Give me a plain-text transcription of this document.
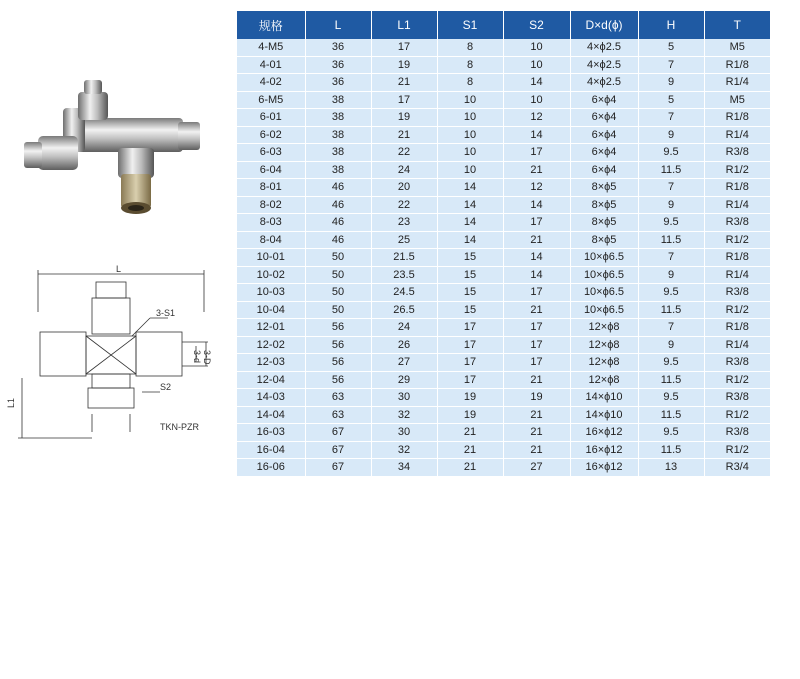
L
3-S1
3-d 3-D
L1
S2
TKN-PZR
规格	L	L1	S1	S2	D×d(ϕ)	H	T
4-M5	36	17	8	10	4×ϕ2.5	5	M5
4-01	36	19	8	10	4×ϕ2.5	7	R1/8
4-02	36	21	8	14	4×ϕ2.5	9	R1/4
6-M5	38	17	10	10	6×ϕ4	5	M5
6-01	38	19	10	12	6×ϕ4	7	R1/8
6-02	38	21	10	14	6×ϕ4	9	R1/4
6-03	38	22	10	17	6×ϕ4	9.5	R3/8
6-04	38	24	10	21	6×ϕ4	11.5	R1/2
8-01	46	20	14	12	8×ϕ5	7	R1/8
8-02	46	22	14	14	8×ϕ5	9	R1/4
8-03	46	23	14	17	8×ϕ5	9.5	R3/8
8-04	46	25	14	21	8×ϕ5	11.5	R1/2
10-01	50	21.5	15	14	10×ϕ6.5	7	R1/8
10-02	50	23.5	15	14	10×ϕ6.5	9	R1/4
10-03	50	24.5	15	17	10×ϕ6.5	9.5	R3/8
10-04	50	26.5	15	21	10×ϕ6.5	11.5	R1/2
12-01	56	24	17	17	12×ϕ8	7	R1/8
12-02	56	26	17	17	12×ϕ8	9	R1/4
12-03	56	27	17	17	12×ϕ8	9.5	R3/8
12-04	56	29	17	21	12×ϕ8	11.5	R1/2
14-03	63	30	19	19	14×ϕ10	9.5	R3/8
14-04	63	32	19	21	14×ϕ10	11.5	R1/2
16-03	67	30	21	21	16×ϕ12	9.5	R3/8
16-04	67	32	21	21	16×ϕ12	11.5	R1/2
16-06	67	34	21	27	16×ϕ12	13	R3/4
